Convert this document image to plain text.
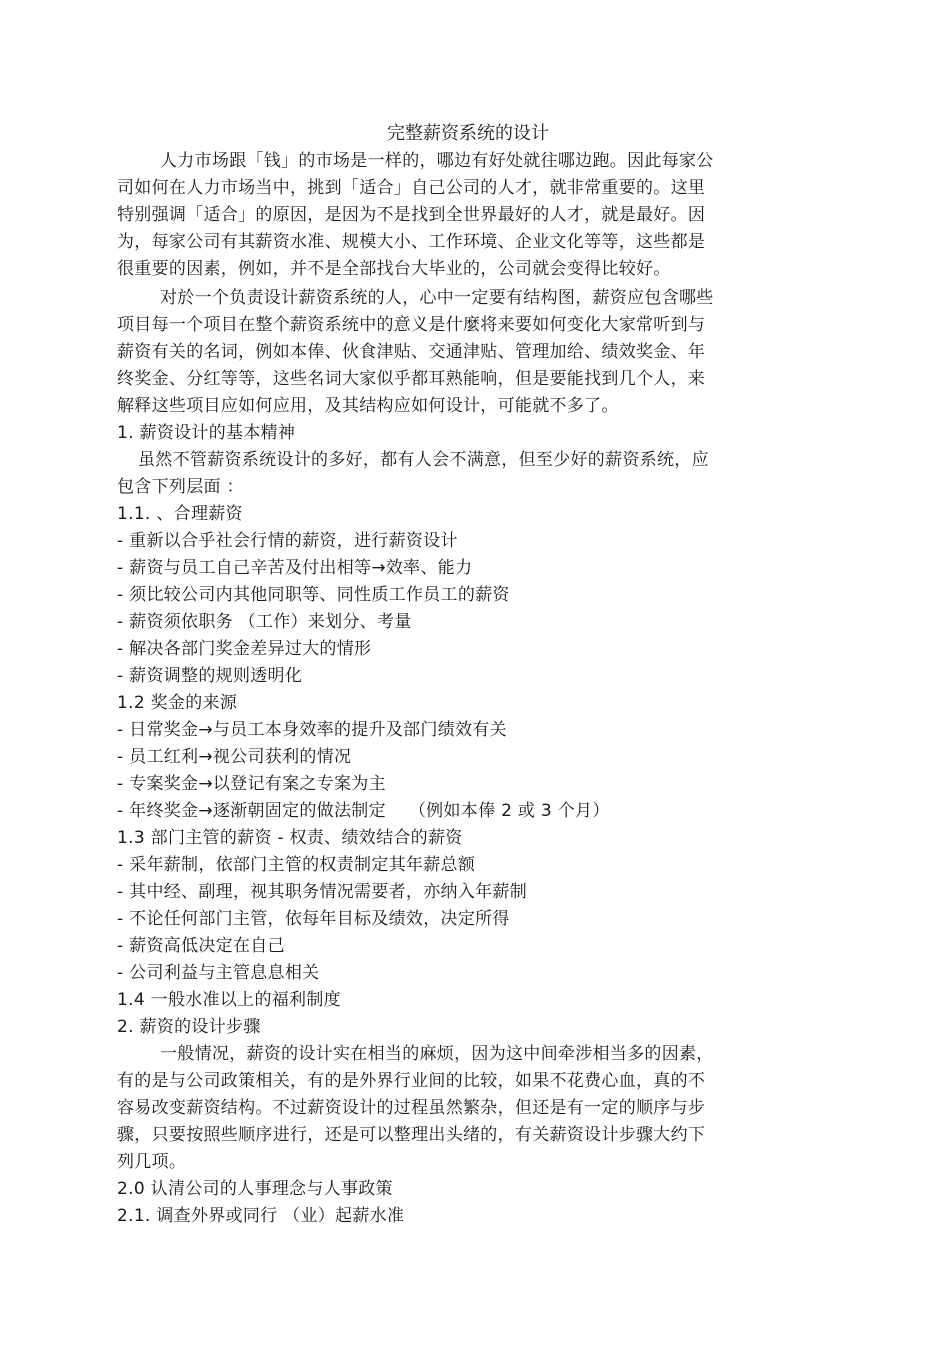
完整薪资系统的设计
人力市场跟「钱」的市场是一样的，哪边有好处就往哪边跑。因此每家公
司如何在人力市场当中，挑到「适合」自己公司的人才，就非常重要的。这里
特别强调「适合」的原因，是因为不是找到全世界最好的人才，就是最好。因
为，每家公司有其薪资水准、规模大小、工作环境、企业文化等等，这些都是
很重要的因素，例如，并不是全部找台大毕业的，公司就会变得比较好。
对於一个负责设计薪资系统的人，心中一定要有结构图，薪资应包含哪些
项目每一个项目在整个薪资系统中的意义是什麼将来要如何变化大家常听到与
薪资有关的名词，例如本俸、伙食津贴、交通津贴、管理加给、绩效奖金、年
终奖金、分红等等，这些名词大家似乎都耳熟能响，但是要能找到几个人，来
解释这些项目应如何应用，及其结构应如何设计，可能就不多了。
1. 薪资设计的基本精神
虽然不管薪资系统设计的多好，都有人会不满意，但至少好的薪资系统，应
包含下列层面 ：
1.1. 、合理薪资
- 重新以合乎社会行情的薪资，进行薪资设计
- 薪资与员工自己辛苦及付出相等→效率、能力
- 须比较公司内其他同职等、同性质工作员工的薪资
- 薪资须依职务 （工作）来划分、考量
- 解决各部门奖金差异过大的情形
- 薪资调整的规则透明化
1.2 奖金的来源
- 日常奖金→与员工本身效率的提升及部门绩效有关
- 员工红利→视公司获利的情况
- 专案奖金→以登记有案之专案为主
- 年终奖金→逐渐朝固定的做法制定　 （例如本俸 2 或 3 个月）
1.3 部门主管的薪资 - 权责、绩效结合的薪资
- 采年薪制，依部门主管的权责制定其年薪总额
- 其中经、副理，视其职务情况需要者，亦纳入年薪制
- 不论任何部门主管，依每年目标及绩效，决定所得
- 薪资高低决定在自己
- 公司利益与主管息息相关
1.4 一般水准以上的福利制度
2. 薪资的设计步骤
一般情况，薪资的设计实在相当的麻烦，因为这中间牵涉相当多的因素，
有的是与公司政策相关，有的是外界行业间的比较，如果不花费心血，真的不
容易改变薪资结构。不过薪资设计的过程虽然繁杂，但还是有一定的顺序与步
骤，只要按照些顺序进行，还是可以整理出头绪的，有关薪资设计步骤大约下
列几项。
2.0 认清公司的人事理念与人事政策
2.1. 调查外界或同行 （业）起薪水准
